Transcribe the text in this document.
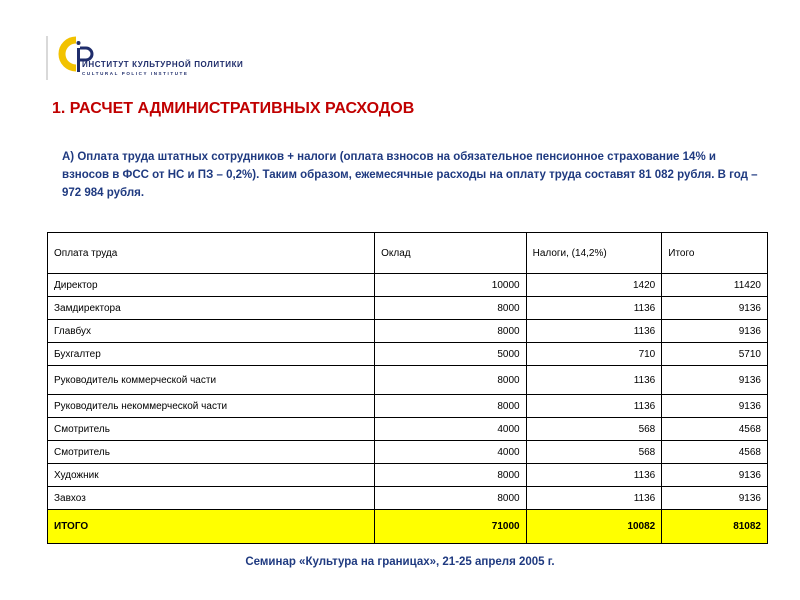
ИНСТИТУТ КУЛЬТУРНОЙ ПОЛИТИКИ
CULTURAL POLICY INSTITUTE
1. РАСЧЕТ АДМИНИСТРАТИВНЫХ РАСХОДОВ

А) Оплата труда штатных сотрудников + налоги (оплата взносов на обязательное пенсионное страхование 14% и взносов в ФСС от НС и ПЗ – 0,2%). Таким образом, ежемесячные расходы на оплату труда составят 81 082 рубля. В год – 972 984 рубля.

Оплата труда	Оклад	Налоги, (14,2%)	Итого
Директор	10000	1420	11420
Замдиректора	8000	1136	9136
Главбух	8000	1136	9136
Бухгалтер	5000	710	5710
Руководитель коммерческой части	8000	1136	9136
Руководитель некоммерческой части	8000	1136	9136
Смотритель	4000	568	4568
Смотритель	4000	568	4568
Художник	8000	1136	9136
Завхоз	8000	1136	9136
ИТОГО	71000	10082	81082

Семинар «Культура на границах», 21-25 апреля 2005 г.
